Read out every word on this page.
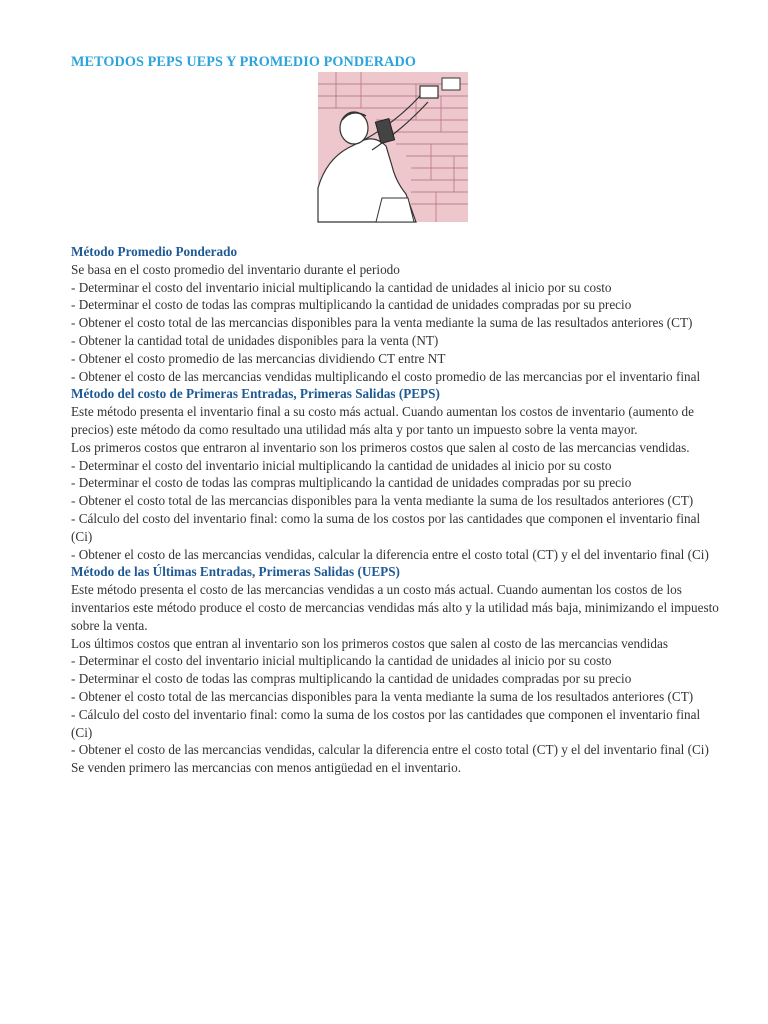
METODOS PEPS UEPS Y PROMEDIO PONDERADO
Método Promedio Ponderado

Se basa en el costo promedio del inventario durante el periodo

- Determinar el costo del inventario inicial multiplicando la cantidad de unidades al inicio por su costo

- Determinar el costo de todas las compras multiplicando la cantidad de unidades compradas por su precio

- Obtener el costo total de las mercancias disponibles para la venta mediante la suma de las resultados anteriores (CT)

- Obtener la cantidad total de unidades disponibles para la venta (NT)

- Obtener el costo promedio de las mercancias dividiendo CT entre NT

- Obtener el costo de las mercancias vendidas multiplicando el costo promedio de las mercancias por el inventario final

Método del costo de Primeras Entradas, Primeras Salidas (PEPS)

Este método presenta el inventario final a su costo más actual. Cuando aumentan los costos de inventario (aumento de precios) este método da como resultado una utilidad más alta y por tanto un impuesto sobre la venta mayor.

Los primeros costos que entraron al inventario son los primeros costos que salen al costo de las mercancias vendidas.

- Determinar el costo del inventario inicial multiplicando la cantidad de unidades al inicio por su costo

- Determinar el costo de todas las compras multiplicando la cantidad de unidades compradas por su precio

- Obtener el costo total de las mercancias disponibles para la venta mediante la suma de los resultados anteriores (CT)

- Cálculo del costo del inventario final: como la suma de los costos por las cantidades que componen el inventario final (Ci)

- Obtener el costo de las mercancias vendidas, calcular la diferencia entre el costo total (CT) y el del inventario final (Ci)

Método de las Últimas Entradas, Primeras Salidas (UEPS)

Este método presenta el costo de las mercancias vendidas a un costo más actual. Cuando aumentan los costos de los inventarios este método produce el costo de mercancias vendidas más alto y la utilidad más baja, minimizando el impuesto sobre la venta.

Los últimos costos que entran al inventario son los primeros costos que salen al costo de las mercancias vendidas

- Determinar el costo del inventario inicial multiplicando la cantidad de unidades al inicio por su costo

- Determinar el costo de todas las compras multiplicando la cantidad de unidades compradas por su precio

- Obtener el costo total de las mercancias disponibles para la venta mediante la suma de los resultados anteriores (CT)

- Cálculo del costo del inventario final: como la suma de los costos por las cantidades que componen el inventario final (Ci)

- Obtener el costo de las mercancias vendidas, calcular la diferencia entre el costo total (CT) y el del inventario final (Ci)

Se venden primero las mercancias con menos antigüedad en el inventario.
